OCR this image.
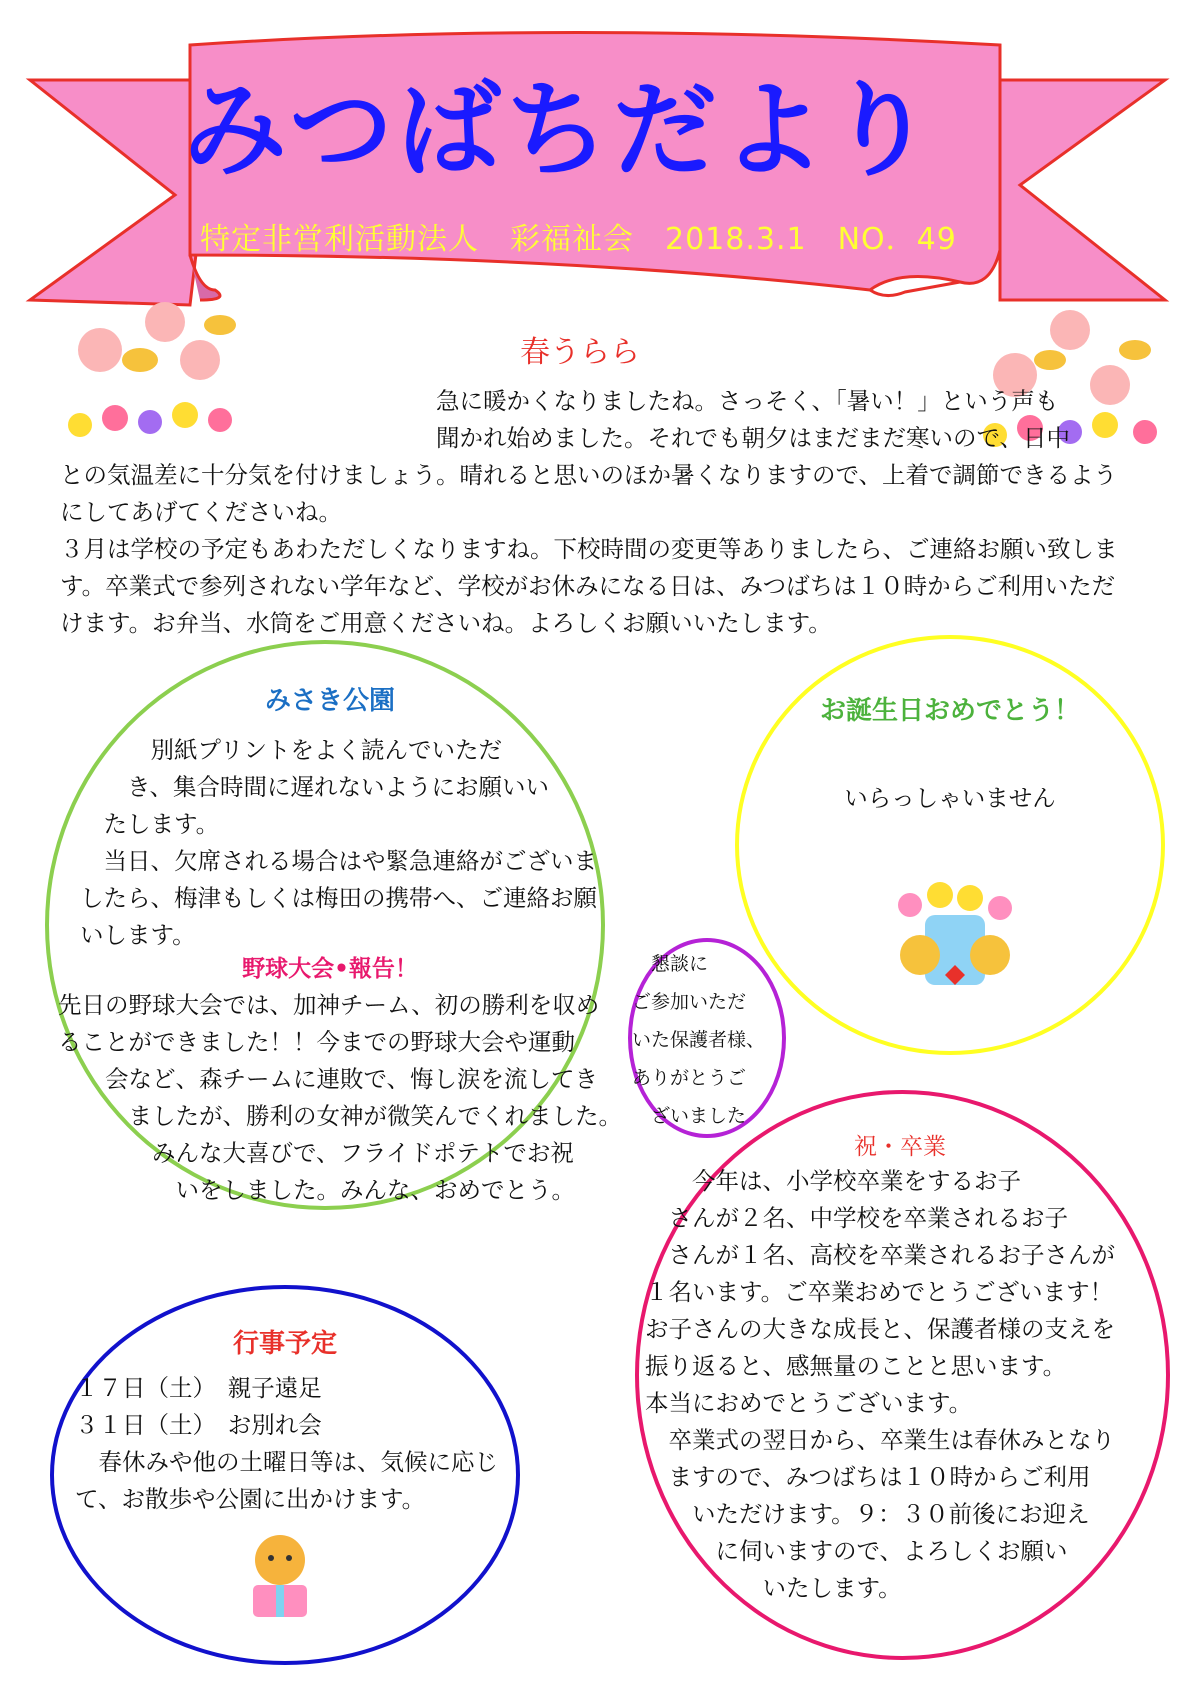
みつばちだより
特定非営利活動法人　彩福祉会　2018.3.1　NO．49
春うらら

　　　　　　　　　　　　　　　　急に暖かくなりましたね。さっそく、「暑い！」という声も

　　　　　　　　　　　　　　　　聞かれ始めました。それでも朝夕はまだまだ寒いので、日中

との気温差に十分気を付けましょう。晴れると思いのほか暑くなりますので、上着で調節できるよう

にしてあげてくださいね。

３月は学校の予定もあわただしくなりますね。下校時間の変更等ありましたら、ご連絡お願い致しま

す。卒業式で参列されない学年など、学校がお休みになる日は、みつばちは１０時からご利用いただ

けます。お弁当、水筒をご用意くださいね。よろしくお願いいたします。

みさき公園
　　　別紙プリントをよく読んでいただ
　　き、集合時間に遅れないようにお願いい
　たします。
　当日、欠席される場合はや緊急連絡がございま
したら、梅津もしくは梅田の携帯へ、ご連絡お願
いします。
野球大会•報告！
先日の野球大会では、加神チーム、初の勝利を収め
ることができました！！今までの野球大会や運動
　　会など、森チームに連敗で、悔し涙を流してき
　　　ましたが、勝利の女神が微笑んでくれました。
　　　　みんな大喜びで、フライドポテトでお祝
　　　　　いをしました。みんな、おめでとう。
お誕生日おめでとう！
いらっしゃいません
　懇談に
ご参加いただ
いた保護者様、
ありがとうご
　ざいました
祝・卒業
　　今年は、小学校卒業をするお子
　さんが２名、中学校を卒業されるお子
　さんが１名、高校を卒業されるお子さんが
１名います。ご卒業おめでとうございます！
お子さんの大きな成長と、保護者様の支えを
振り返ると、感無量のことと思います。
本当におめでとうございます。
　卒業式の翌日から、卒業生は春休みとなり
　ますので、みつばちは１０時からご利用
　　いただけます。９：３０前後にお迎え
　　　に伺いますので、よろしくお願い
　　　　　いたします。
行事予定
１７日（土）　親子遠足
３１日（土）　お別れ会
　春休みや他の土曜日等は、気候に応じ
て、お散歩や公園に出かけます。
